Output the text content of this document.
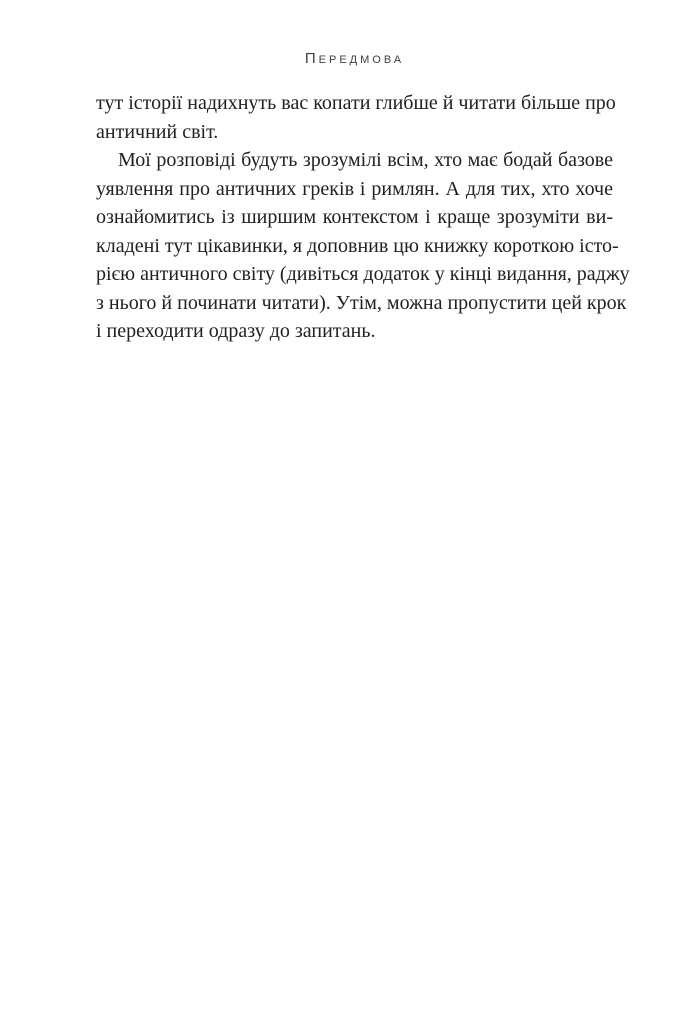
Передмова
тут історії надихнуть вас копати глибше й читати більше про
античний світ.
Мої розповіді будуть зрозумілі всім, хто має бодай базове
уявлення про античних греків і римлян. А для тих, хто хоче
ознайомитись із ширшим контекстом і краще зрозуміти ви-
кладені тут цікавинки, я доповнив цю книжку короткою істо-
рією античного світу (дивіться додаток у кінці видання, раджу
з нього й починати читати). Утім, можна пропустити цей крок
і переходити одразу до запитань.
